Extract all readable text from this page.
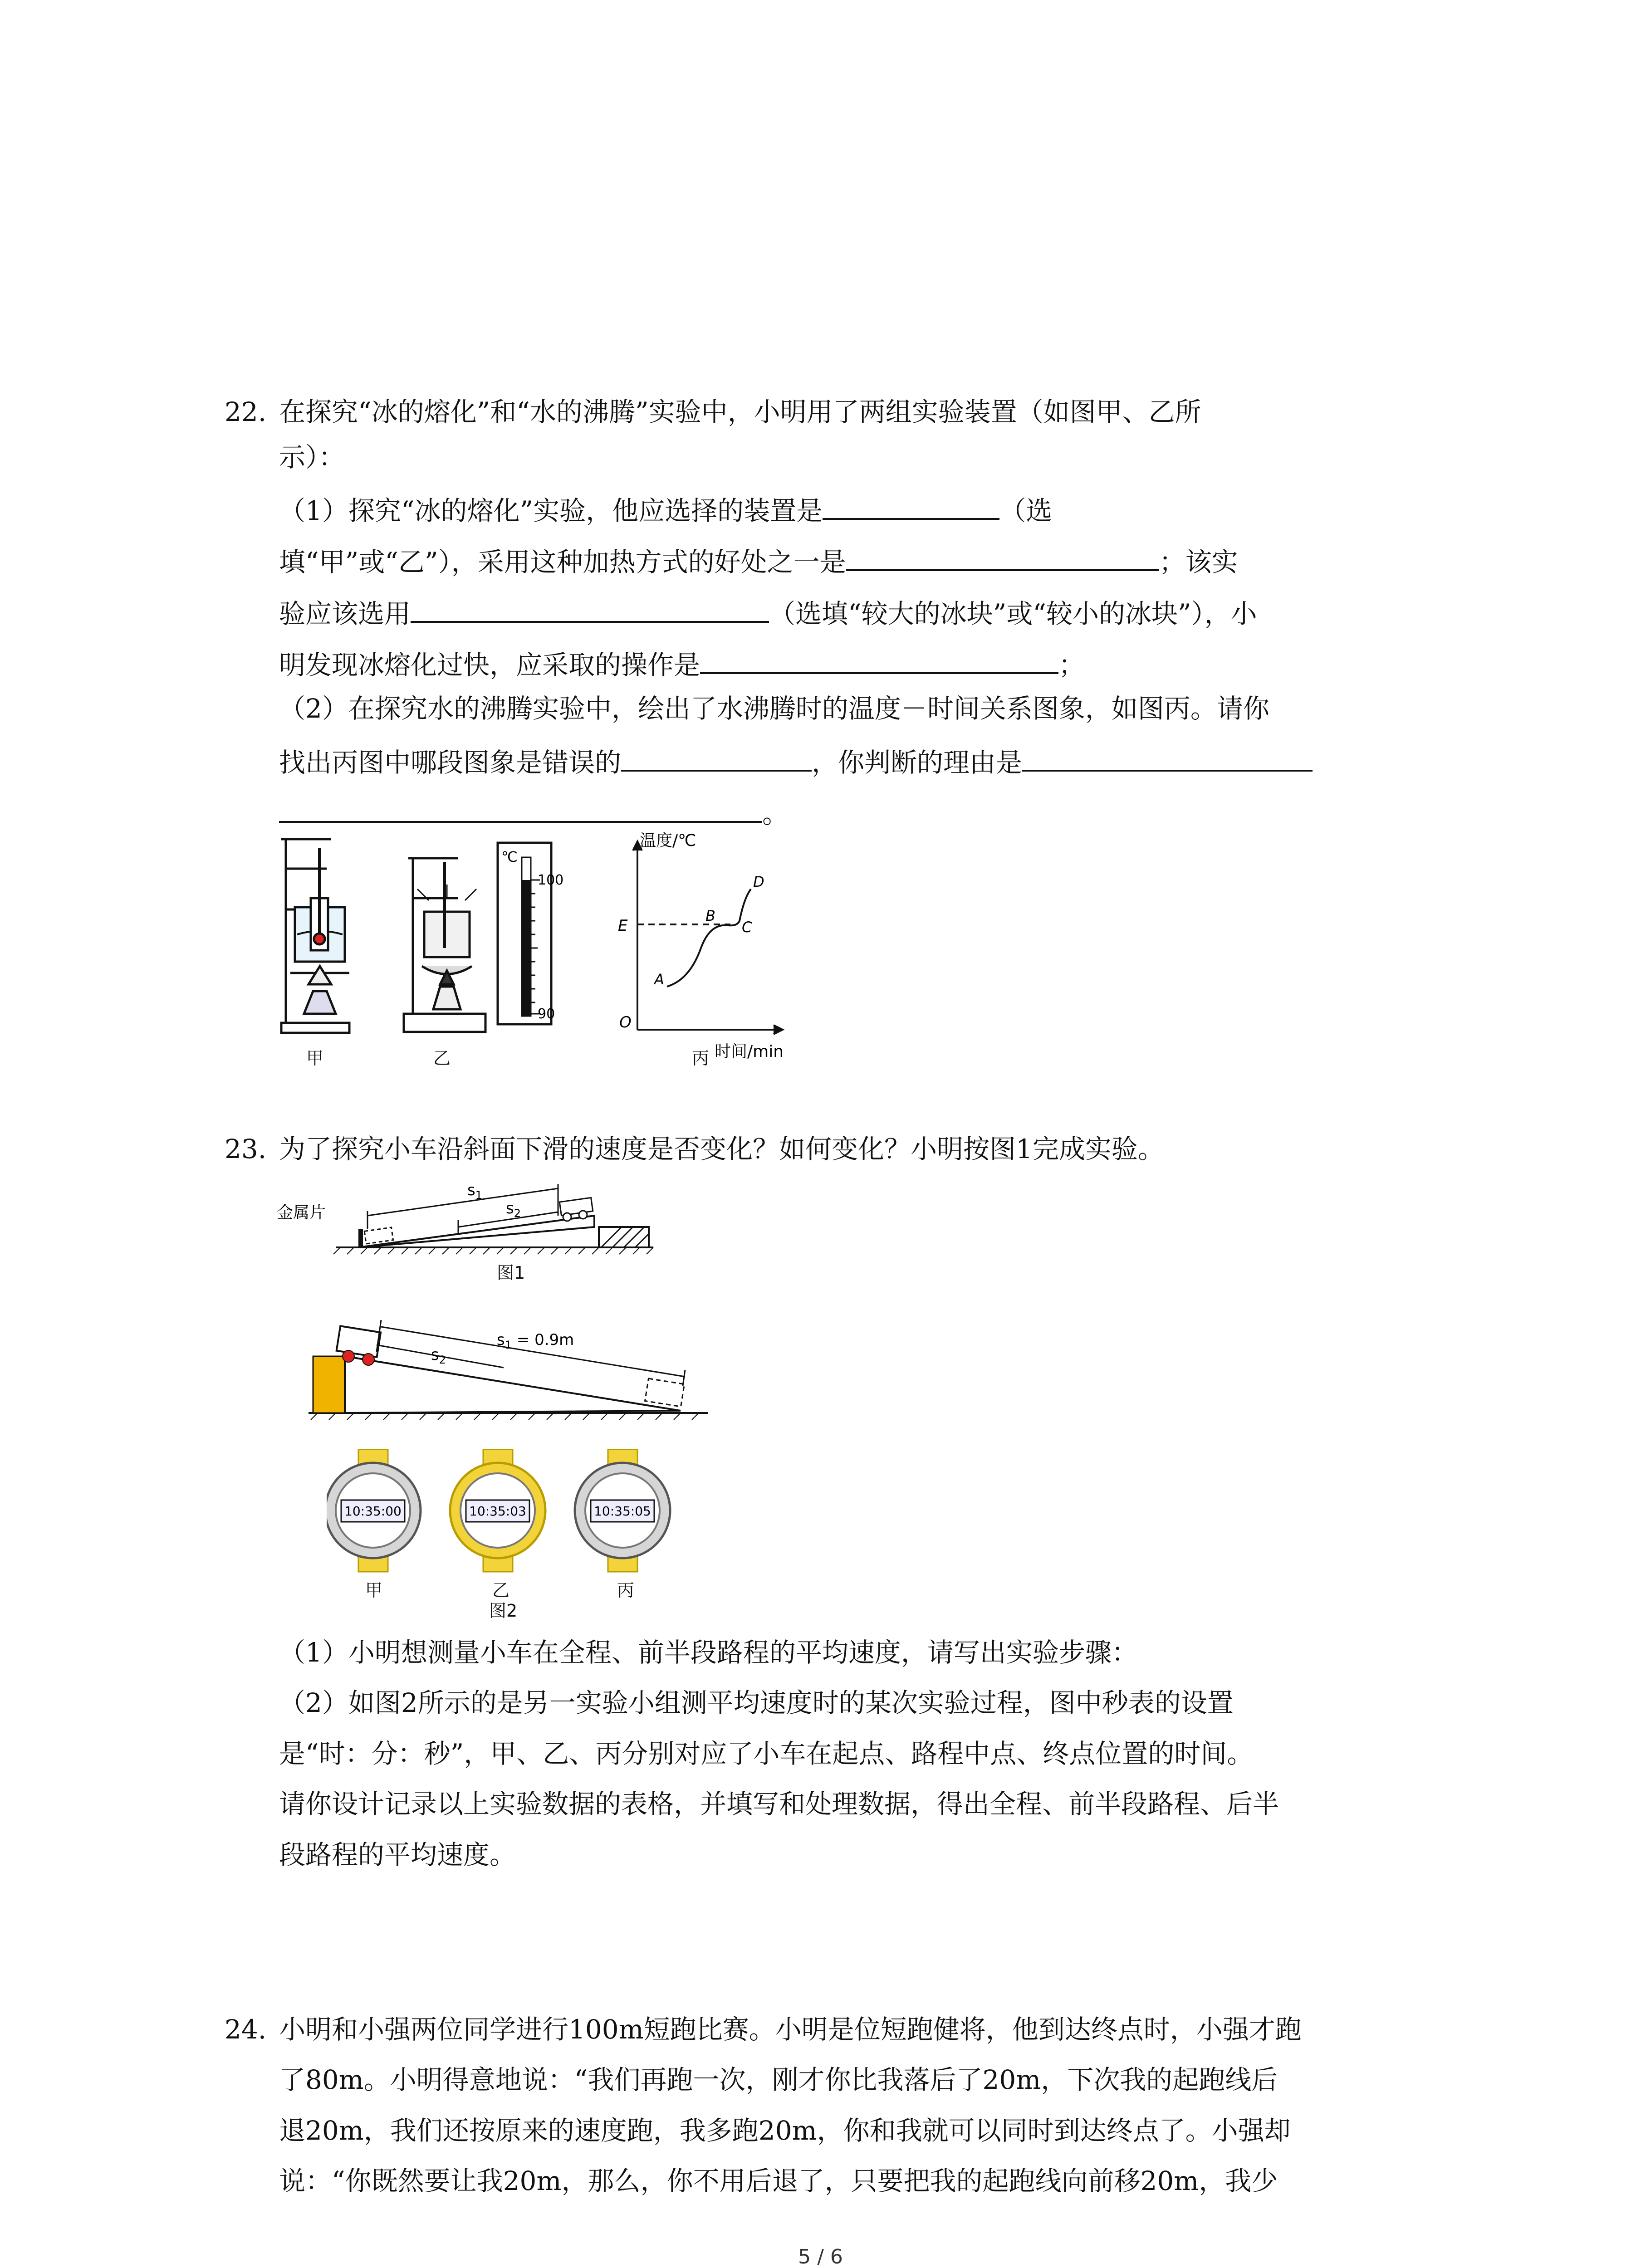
22. 在探究“冰的熔化”和“水的沸腾”实验中，小明用了两组实验装置（如图甲、乙所
示）：
（1）探究“冰的熔化”实验，他应选择的装置是	（选
填“甲”或“乙”），采用这种加热方式的好处之一是	；该实
验应该选用	（选填“较大的冰块”或“较小的冰块”），小
明发现冰熔化过快，应采取的操作是	；
（2）在探究水的沸腾实验中，绘出了水沸腾时的温度－时间关系图象，如图丙。请你
找出丙图中哪段图象是错误的	，你判断的理由是
。
℃
100
90
温度/℃
时间/min
O
E
A
B
C
D
甲	乙	丙
23. 为了探究小车沿斜面下滑的速度是否变化？如何变化？小明按图1完成实验。
金属片
$s_1$
$s_2$
图1
$s_1 = 0.9m$
$s_2$
10:35:00	10:35:03	10:35:05
甲	乙	丙
图2
（1）小明想测量小车在全程、前半段路程的平均速度，请写出实验步骤：
（2）如图2所示的是另一实验小组测平均速度时的某次实验过程，图中秒表的设置
是“时：分：秒”，甲、乙、丙分别对应了小车在起点、路程中点、终点位置的时间。
请你设计记录以上实验数据的表格，并填写和处理数据，得出全程、前半段路程、后半
段路程的平均速度。
24. 小明和小强两位同学进行100m短跑比赛。小明是位短跑健将，他到达终点时，小强才跑
了80m。小明得意地说：“我们再跑一次，刚才你比我落后了20m，下次我的起跑线后
退20m，我们还按原来的速度跑，我多跑20m，你和我就可以同时到达终点了。小强却
说：“你既然要让我20m，那么，你不用后退了，只要把我的起跑线向前移20m，我少
5 / 6
